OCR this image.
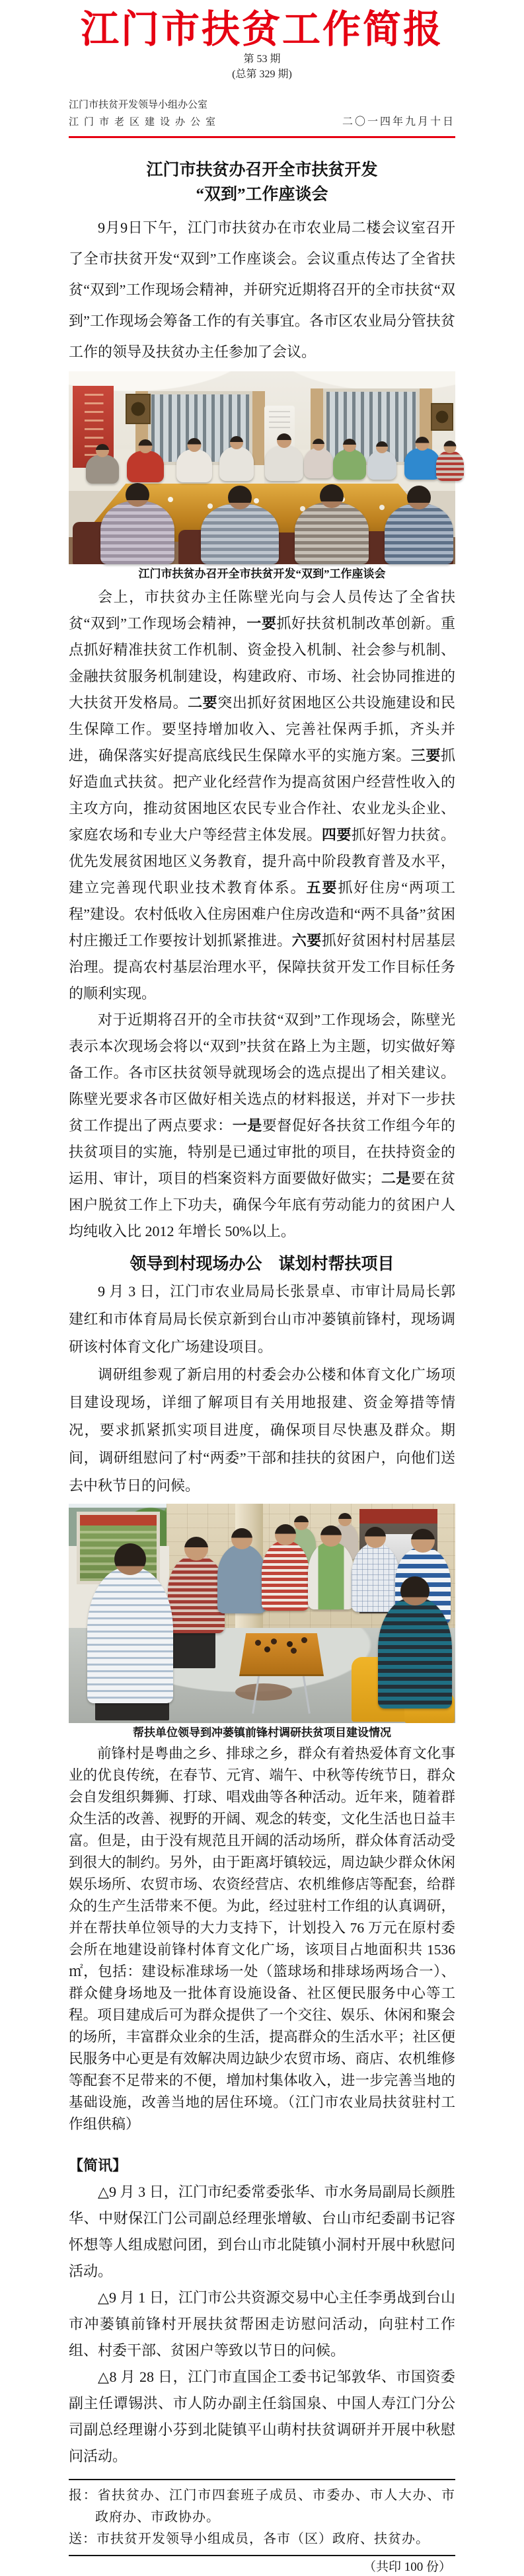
江门市扶贫工作简报
第 53 期
(总第 329 期)
江门市扶贫开发领导小组办公室
江门市老区建设办公室	二〇一四年九月十日
江门市扶贫办召开全市扶贫开发
“双到”工作座谈会

9月9日下午，江门市扶贫办在市农业局二楼会议室召开了全市扶贫开发“双到”工作座谈会。会议重点传达了全省扶贫“双到”工作现场会精神，并研究近期将召开的全市扶贫“双到”工作现场会筹备工作的有关事宜。各市区农业局分管扶贫工作的领导及扶贫办主任参加了会议。

江门市扶贫办召开全市扶贫开发“双到”工作座谈会

会上，市扶贫办主任陈壁光向与会人员传达了全省扶贫“双到”工作现场会精神，一要抓好扶贫机制改革创新。重点抓好精准扶贫工作机制、资金投入机制、社会参与机制、金融扶贫服务机制建设，构建政府、市场、社会协同推进的大扶贫开发格局。二要突出抓好贫困地区公共设施建设和民生保障工作。要坚持增加收入、完善社保两手抓，齐头并进，确保落实好提高底线民生保障水平的实施方案。三要抓好造血式扶贫。把产业化经营作为提高贫困户经营性收入的主攻方向，推动贫困地区农民专业合作社、农业龙头企业、家庭农场和专业大户等经营主体发展。四要抓好智力扶贫。优先发展贫困地区义务教育，提升高中阶段教育普及水平，建立完善现代职业技术教育体系。五要抓好住房“两项工程”建设。农村低收入住房困难户住房改造和“两不具备”贫困村庄搬迁工作要按计划抓紧推进。六要抓好贫困村村居基层治理。提高农村基层治理水平，保障扶贫开发工作目标任务的顺利实现。

对于近期将召开的全市扶贫“双到”工作现场会，陈壁光表示本次现场会将以“双到”扶贫在路上为主题，切实做好筹备工作。各市区扶贫领导就现场会的选点提出了相关建议。陈壁光要求各市区做好相关选点的材料报送，并对下一步扶贫工作提出了两点要求：一是要督促好各扶贫工作组今年的扶贫项目的实施，特别是已通过审批的项目，在扶持资金的运用、审计，项目的档案资料方面要做好做实；二是要在贫困户脱贫工作上下功夫，确保今年底有劳动能力的贫困户人均纯收入比 2012 年增长 50%以上。

领导到村现场办公　谋划村帮扶项目

9 月 3 日，江门市农业局局长张景卓、市审计局局长郭建红和市体育局局长侯京新到台山市冲蒌镇前锋村，现场调研该村体育文化广场建设项目。

调研组参观了新启用的村委会办公楼和体育文化广场项目建设现场，详细了解项目有关用地报建、资金筹措等情况，要求抓紧抓实项目进度，确保项目尽快惠及群众。期间，调研组慰问了村“两委”干部和挂扶的贫困户，向他们送去中秋节日的问候。

帮扶单位领导到冲蒌镇前锋村调研扶贫项目建设情况

前锋村是粤曲之乡、排球之乡，群众有着热爱体育文化事业的优良传统，在春节、元宵、端午、中秋等传统节日，群众会自发组织舞狮、打球、唱戏曲等各种活动。近年来，随着群众生活的改善、视野的开阔、观念的转变，文化生活也日益丰富。但是，由于没有规范且开阔的活动场所，群众体育活动受到很大的制约。另外，由于距离圩镇较远，周边缺少群众休闲娱乐场所、农贸市场、农资经营店、农机维修店等配套，给群众的生产生活带来不便。为此，经过驻村工作组的认真调研，并在帮扶单位领导的大力支持下，计划投入 76 万元在原村委会所在地建设前锋村体育文化广场，该项目占地面积共 1536 ㎡，包括：建设标准球场一处（篮球场和排球场两场合一）、群众健身场地及一批体育设施设备、社区便民服务中心等工程。项目建成后可为群众提供了一个交往、娱乐、休闲和聚会的场所，丰富群众业余的生活，提高群众的生活水平；社区便民服务中心更是有效解决周边缺少农贸市场、商店、农机维修等配套不足带来的不便，增加村集体收入，进一步完善当地的基础设施，改善当地的居住环境。（江门市农业局扶贫驻村工作组供稿）

【简讯】

△9 月 3 日，江门市纪委常委张华、市水务局副局长颜胜华、中财保江门公司副总经理张增敏、台山市纪委副书记容怀想等人组成慰问团，到台山市北陡镇小洞村开展中秋慰问活动。

△9 月 1 日，江门市公共资源交易中心主任李勇战到台山市冲蒌镇前锋村开展扶贫帮困走访慰问活动，向驻村工作组、村委干部、贫困户等致以节日的问候。

△8 月 28 日，江门市直国企工委书记邹敦华、市国资委副主任谭锡洪、市人防办副主任翁国泉、中国人寿江门分公司副总经理谢小芬到北陡镇平山萌村扶贫调研并开展中秋慰问活动。

报：省扶贫办、江门市四套班子成员、市委办、市人大办、市政府办、市政协办。

送：市扶贫开发领导小组成员，各市（区）政府、扶贫办。

（共印 100 份）
